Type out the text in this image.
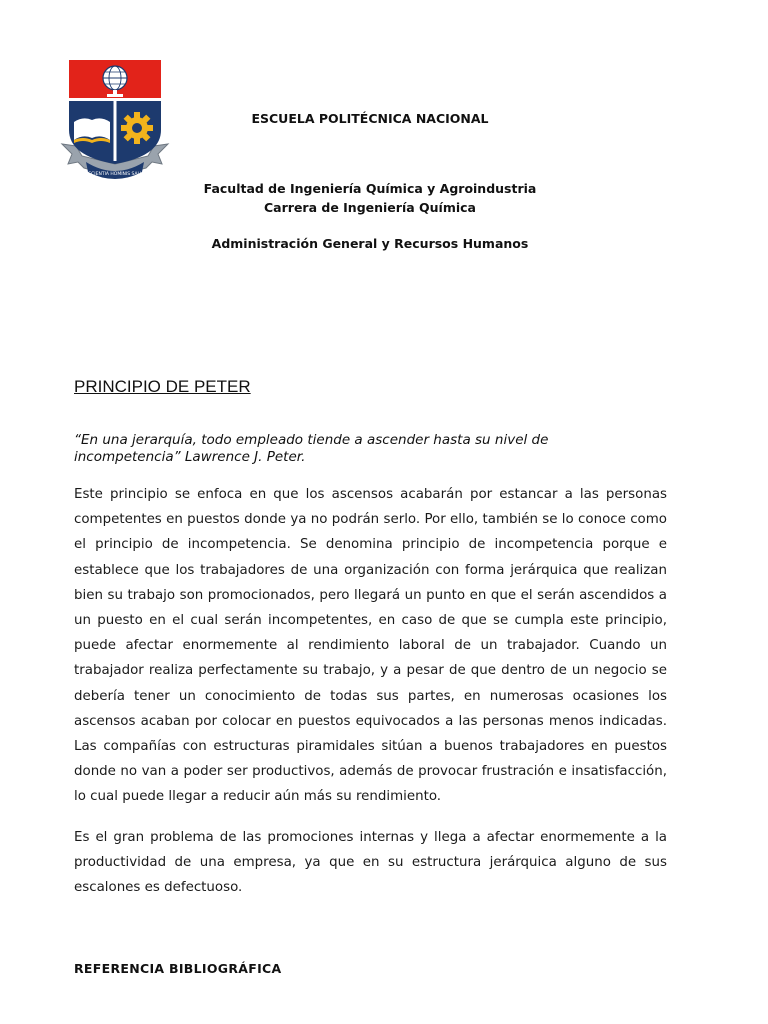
E SCIENTIA HOMINIS SALUS

ESCUELA POLITÉCNICA NACIONAL

Facultad de Ingeniería Química y Agroindustria

Carrera de Ingeniería Química

Administración General y Recursos Humanos

PRINCIPIO DE PETER

“En una jerarquía, todo empleado tiende a ascender hasta su nivel de incompetencia” Lawrence J. Peter.

Este principio se enfoca en que los ascensos acabarán por estancar a las personas competentes en puestos donde ya no podrán serlo. Por ello, también se lo conoce como el principio de incompetencia. Se denomina principio de incompetencia porque e establece que los trabajadores de una organización con forma jerárquica que realizan bien su trabajo son promocionados, pero llegará un punto en que el serán ascendidos a un puesto en el cual serán incompetentes, en caso de que se cumpla este principio, puede afectar enormemente al rendimiento laboral de un trabajador. Cuando un trabajador realiza perfectamente su trabajo, y a pesar de que dentro de un negocio se debería tener un conocimiento de todas sus partes, en numerosas ocasiones los ascensos acaban por colocar en puestos equivocados a las personas menos indicadas. Las compañías con estructuras piramidales sitúan a buenos trabajadores en puestos donde no van a poder ser productivos, además de provocar frustración e insatisfacción, lo cual puede llegar a reducir aún más su rendimiento.

Es el gran problema de las promociones internas y llega a afectar enormemente a la productividad de una empresa, ya que en su estructura jerárquica alguno de sus escalones es defectuoso.

REFERENCIA BIBLIOGRÁFICA
